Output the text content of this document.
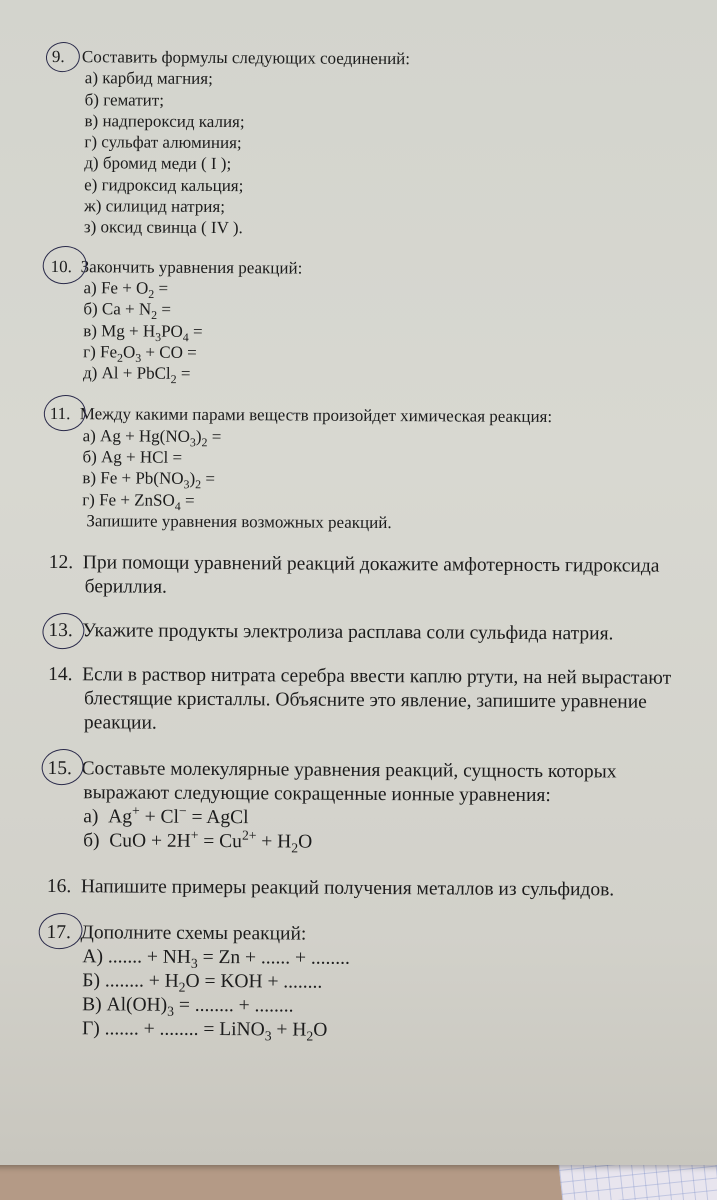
9. Составить формулы следующих соединений:
а) карбид магния;
б) гематит;
в) надпероксид калия;
г) сульфат алюминия;
д) бромид меди ( I );
е) гидроксид кальция;
ж) силицид натрия;
з) оксид свинца ( IV ).
10. Закончить уравнения реакций:
а) $Fe + O_2$ =
б) $Ca + N_2$ =
в) $Mg + H_3PO_4$ =
г) $Fe_2O_3$ + CO =
д) Al + PbCl$_2$ =
11. Между какими парами веществ произойдет химическая реакция:
а) $Ag + Hg(NO_3)_2$ =
б) Ag + HCl =
в) $Fe + Pb(NO_3)_2$ =
г) Fe + ZnSO$_4$ =
Запишите уравнения возможных реакций.
12. При помощи уравнений реакций докажите амфотерность гидроксида
бериллия.
13. Укажите продукты электролиза расплава соли сульфида натрия.
14. Если в раствор нитрата серебра ввести каплю ртути, на ней вырастают
блестящие кристаллы. Объясните это явление, запишите уравнение
реакции.
15. Составьте молекулярные уравнения реакций, сущность которых
выражают следующие сокращенные ионные уравнения:
а)  Ag+ + Cl− = AgCl
б)  CuO + $2H^+ = Cu^{2+} + H_2O$
16. Напишите примеры реакций получения металлов из сульфидов.
17. Дополните схемы реакций:
А) ....... + $NH_3 = Zn$ + ...... + ........
Б) ........ + $H_2O$ = KOH + ........
В) $Al(OH)_3$ = ........ + ........
Г) ....... + ........ = LiNO$_3$ + $H_2O$
